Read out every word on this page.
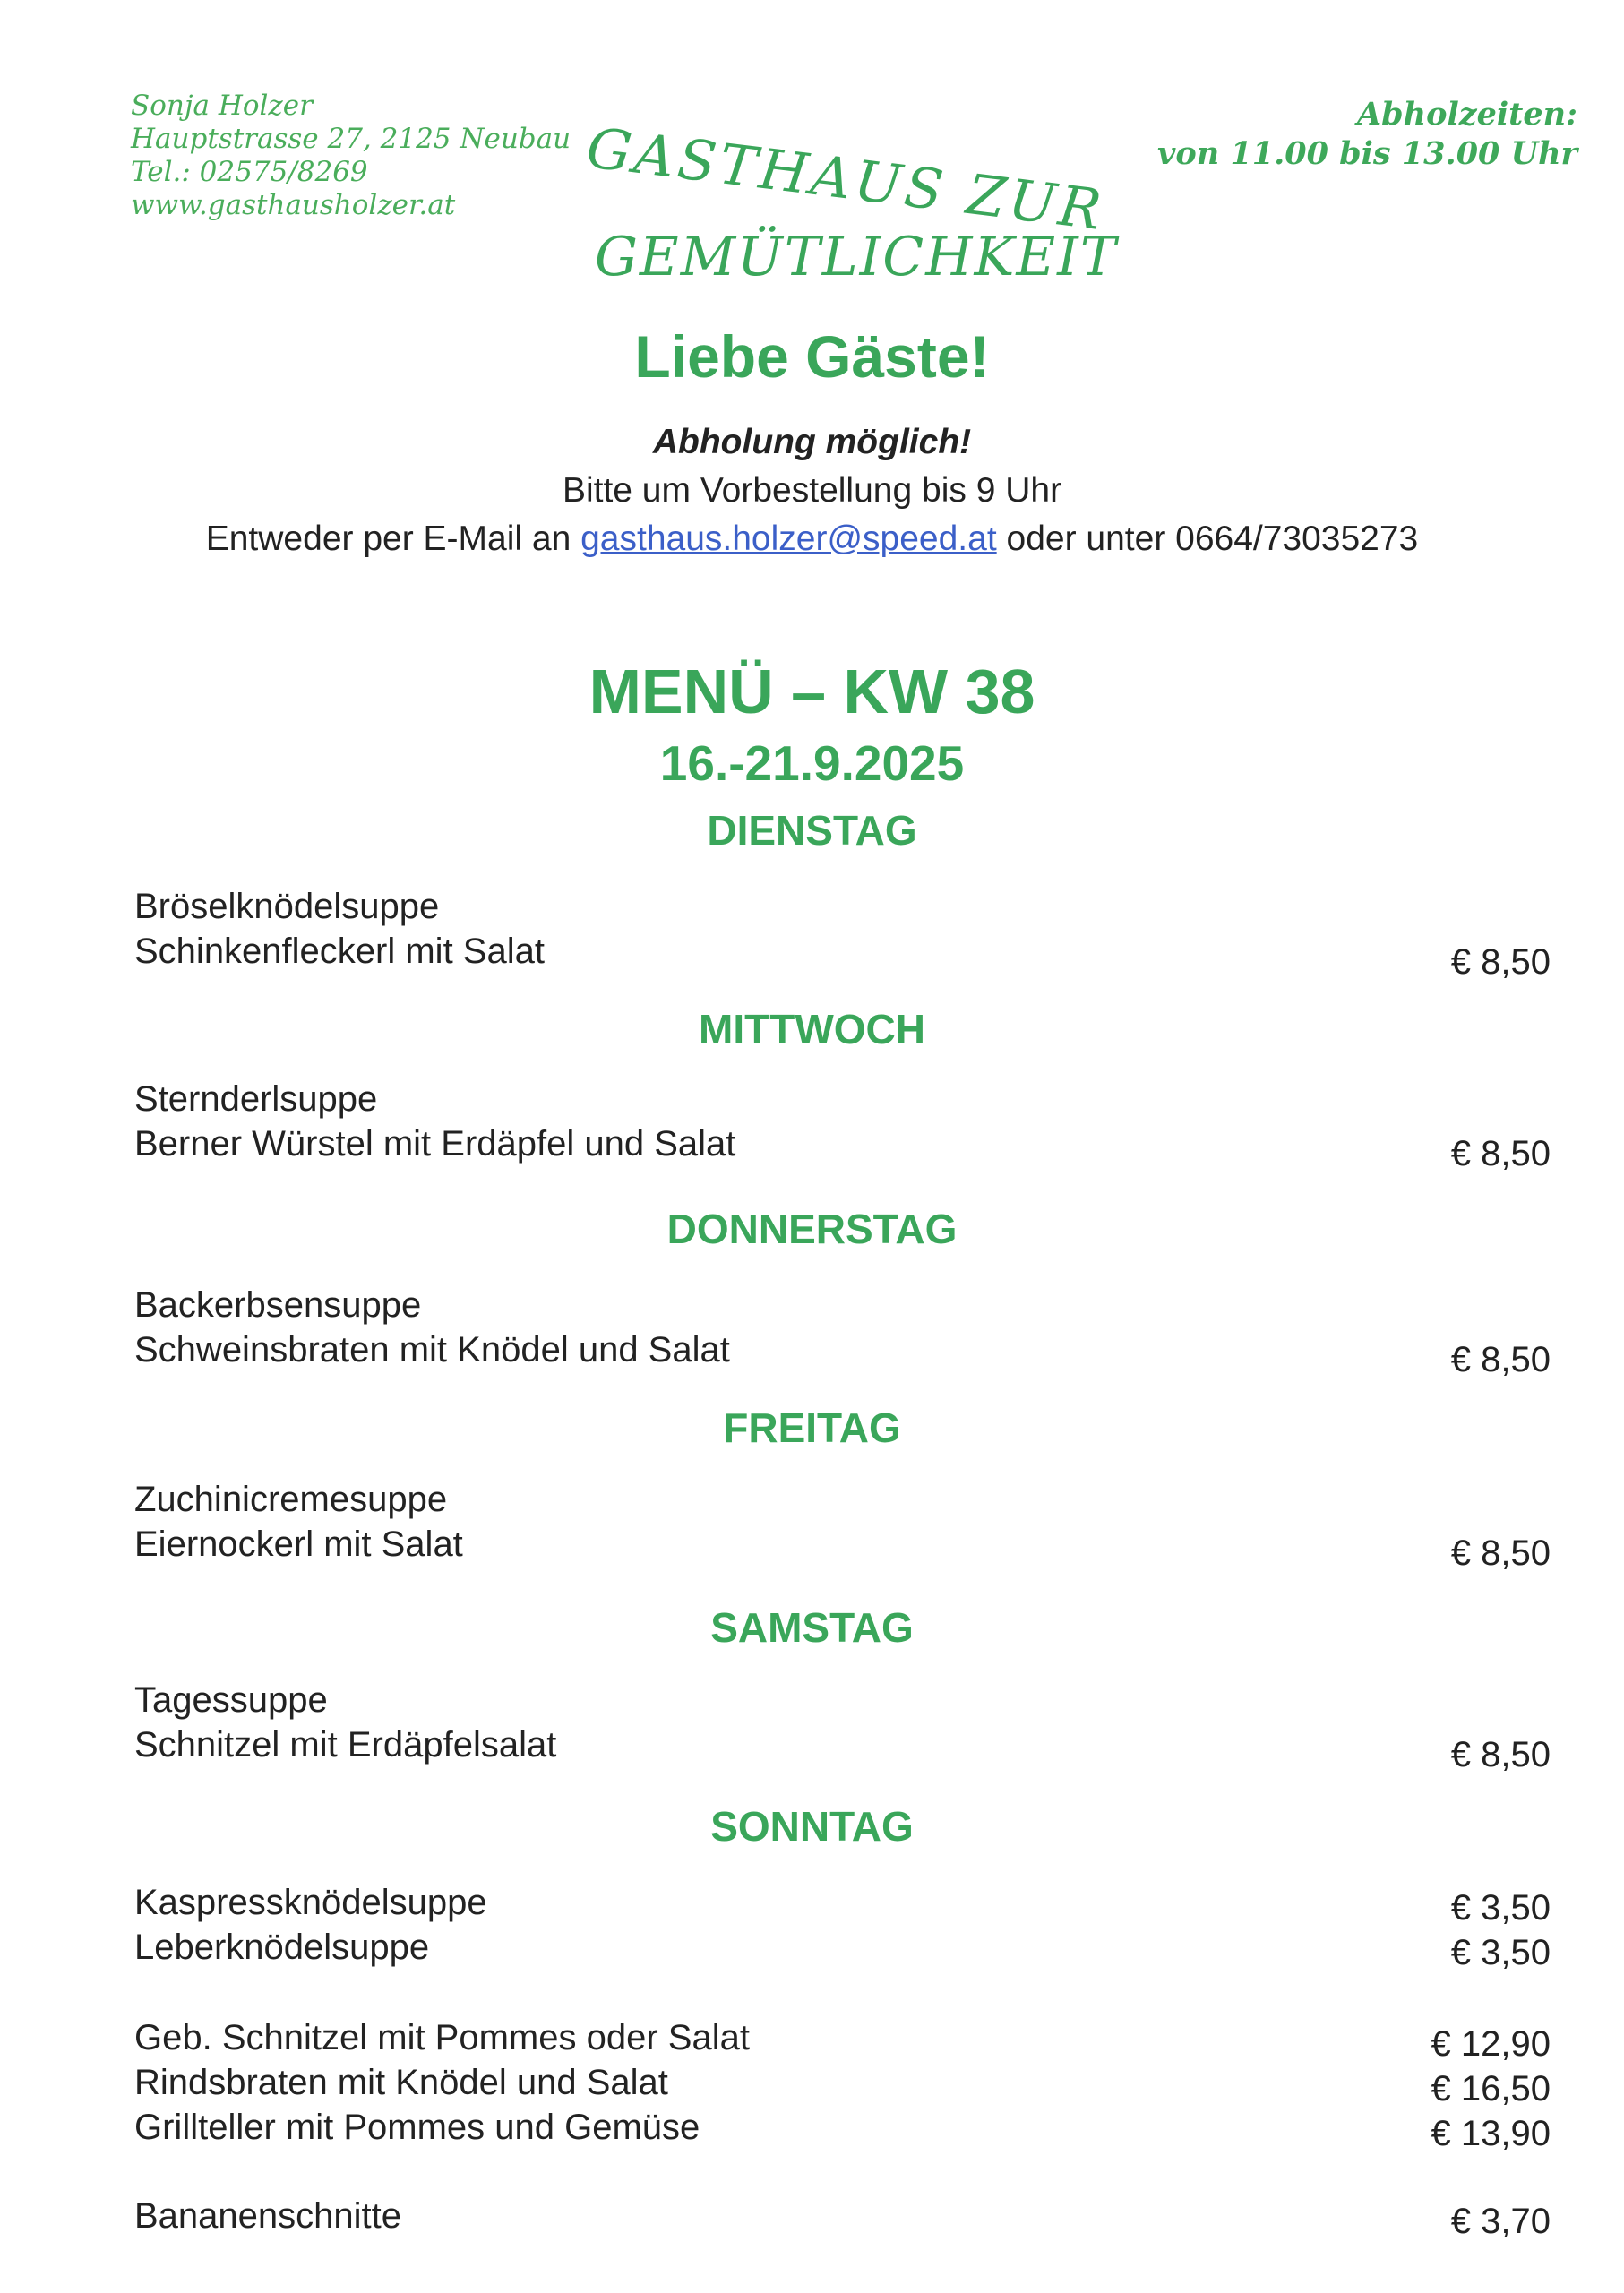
Sonja Holzer
Hauptstrasse 27, 2125 Neubau
Tel.: 02575/8269
www.gasthausholzer.at	GASTHAUS ZUR
GEMÜTLICHKEIT
Abholzeiten:
von 11.00 bis 13.00 Uhr
Liebe Gäste!
Abholung möglich!
Bitte um Vorbestellung bis 9 Uhr
Entweder per E-Mail an gasthaus.holzer@speed.at oder unter 0664/73035273
MENÜ – KW 38
16.-21.9.2025
DIENSTAG
Bröselknödelsuppe
Schinkenfleckerl mit Salat	€ 8,50
MITTWOCH
Sternderlsuppe
Berner Würstel mit Erdäpfel und Salat	€ 8,50
DONNERSTAG
Backerbsensuppe
Schweinsbraten mit Knödel und Salat	€ 8,50
FREITAG
Zuchinicremesuppe
Eiernockerl mit Salat	€ 8,50
SAMSTAG
Tagessuppe
Schnitzel mit Erdäpfelsalat	€ 8,50
SONNTAG
Kaspressknödelsuppe	€ 3,50
Leberknödelsuppe	€ 3,50
Geb. Schnitzel mit Pommes oder Salat	€ 12,90
Rindsbraten mit Knödel und Salat	€ 16,50
Grillteller mit Pommes und Gemüse	€ 13,90
Bananenschnitte	€ 3,70
